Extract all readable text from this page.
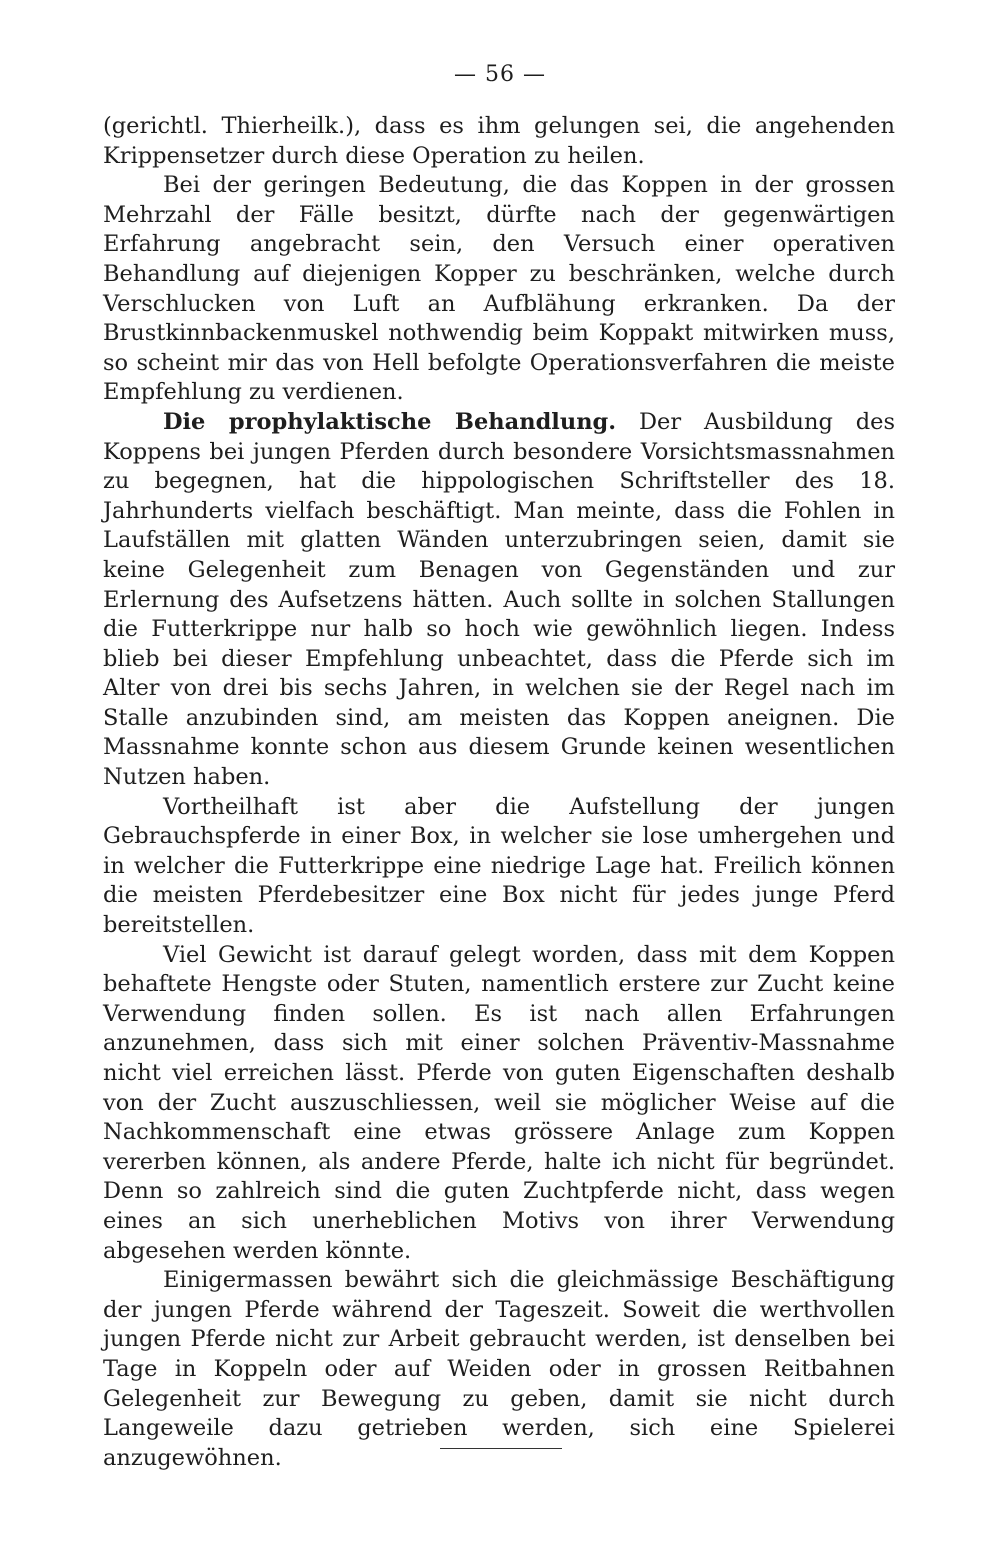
— 56 —

(gerichtl. Thierheilk.), dass es ihm gelungen sei, die angehenden Krippensetzer durch diese Operation zu heilen.

Bei der geringen Bedeutung, die das Koppen in der grossen Mehrzahl der Fälle besitzt, dürfte nach der gegenwärtigen Erfahrung angebracht sein, den Versuch einer operativen Behandlung auf diejenigen Kopper zu beschränken, welche durch Verschlucken von Luft an Aufblähung erkranken. Da der Brustkinnbackenmuskel nothwendig beim Koppakt mitwirken muss, so scheint mir das von Hell befolgte Operationsverfahren die meiste Empfehlung zu verdienen.

Die prophylaktische Behandlung. Der Ausbildung des Koppens bei jungen Pferden durch besondere Vorsichtsmassnahmen zu begegnen, hat die hippologischen Schriftsteller des 18. Jahrhunderts vielfach beschäftigt. Man meinte, dass die Fohlen in Laufställen mit glatten Wänden unterzubringen seien, damit sie keine Gelegenheit zum Benagen von Gegenständen und zur Erlernung des Aufsetzens hätten. Auch sollte in solchen Stallungen die Futterkrippe nur halb so hoch wie gewöhnlich liegen. Indess blieb bei dieser Empfehlung unbeachtet, dass die Pferde sich im Alter von drei bis sechs Jahren, in welchen sie der Regel nach im Stalle anzubinden sind, am meisten das Koppen aneignen. Die Massnahme konnte schon aus diesem Grunde keinen wesentlichen Nutzen haben.

Vortheilhaft ist aber die Aufstellung der jungen Gebrauchspferde in einer Box, in welcher sie lose umhergehen und in welcher die Futterkrippe eine niedrige Lage hat. Freilich können die meisten Pferdebesitzer eine Box nicht für jedes junge Pferd bereitstellen.

Viel Gewicht ist darauf gelegt worden, dass mit dem Koppen behaftete Hengste oder Stuten, namentlich erstere zur Zucht keine Verwendung finden sollen. Es ist nach allen Erfahrungen anzunehmen, dass sich mit einer solchen Präventiv-Massnahme nicht viel erreichen lässt. Pferde von guten Eigenschaften deshalb von der Zucht auszuschliessen, weil sie möglicher Weise auf die Nachkommenschaft eine etwas grössere Anlage zum Koppen vererben können, als andere Pferde, halte ich nicht für begründet. Denn so zahlreich sind die guten Zuchtpferde nicht, dass wegen eines an sich unerheblichen Motivs von ihrer Verwendung abgesehen werden könnte.

Einigermassen bewährt sich die gleichmässige Beschäftigung der jungen Pferde während der Tageszeit. Soweit die werthvollen jungen Pferde nicht zur Arbeit gebraucht werden, ist denselben bei Tage in Koppeln oder auf Weiden oder in grossen Reitbahnen Gelegenheit zur Bewegung zu geben, damit sie nicht durch Langeweile dazu getrieben werden, sich eine Spielerei anzugewöhnen.
